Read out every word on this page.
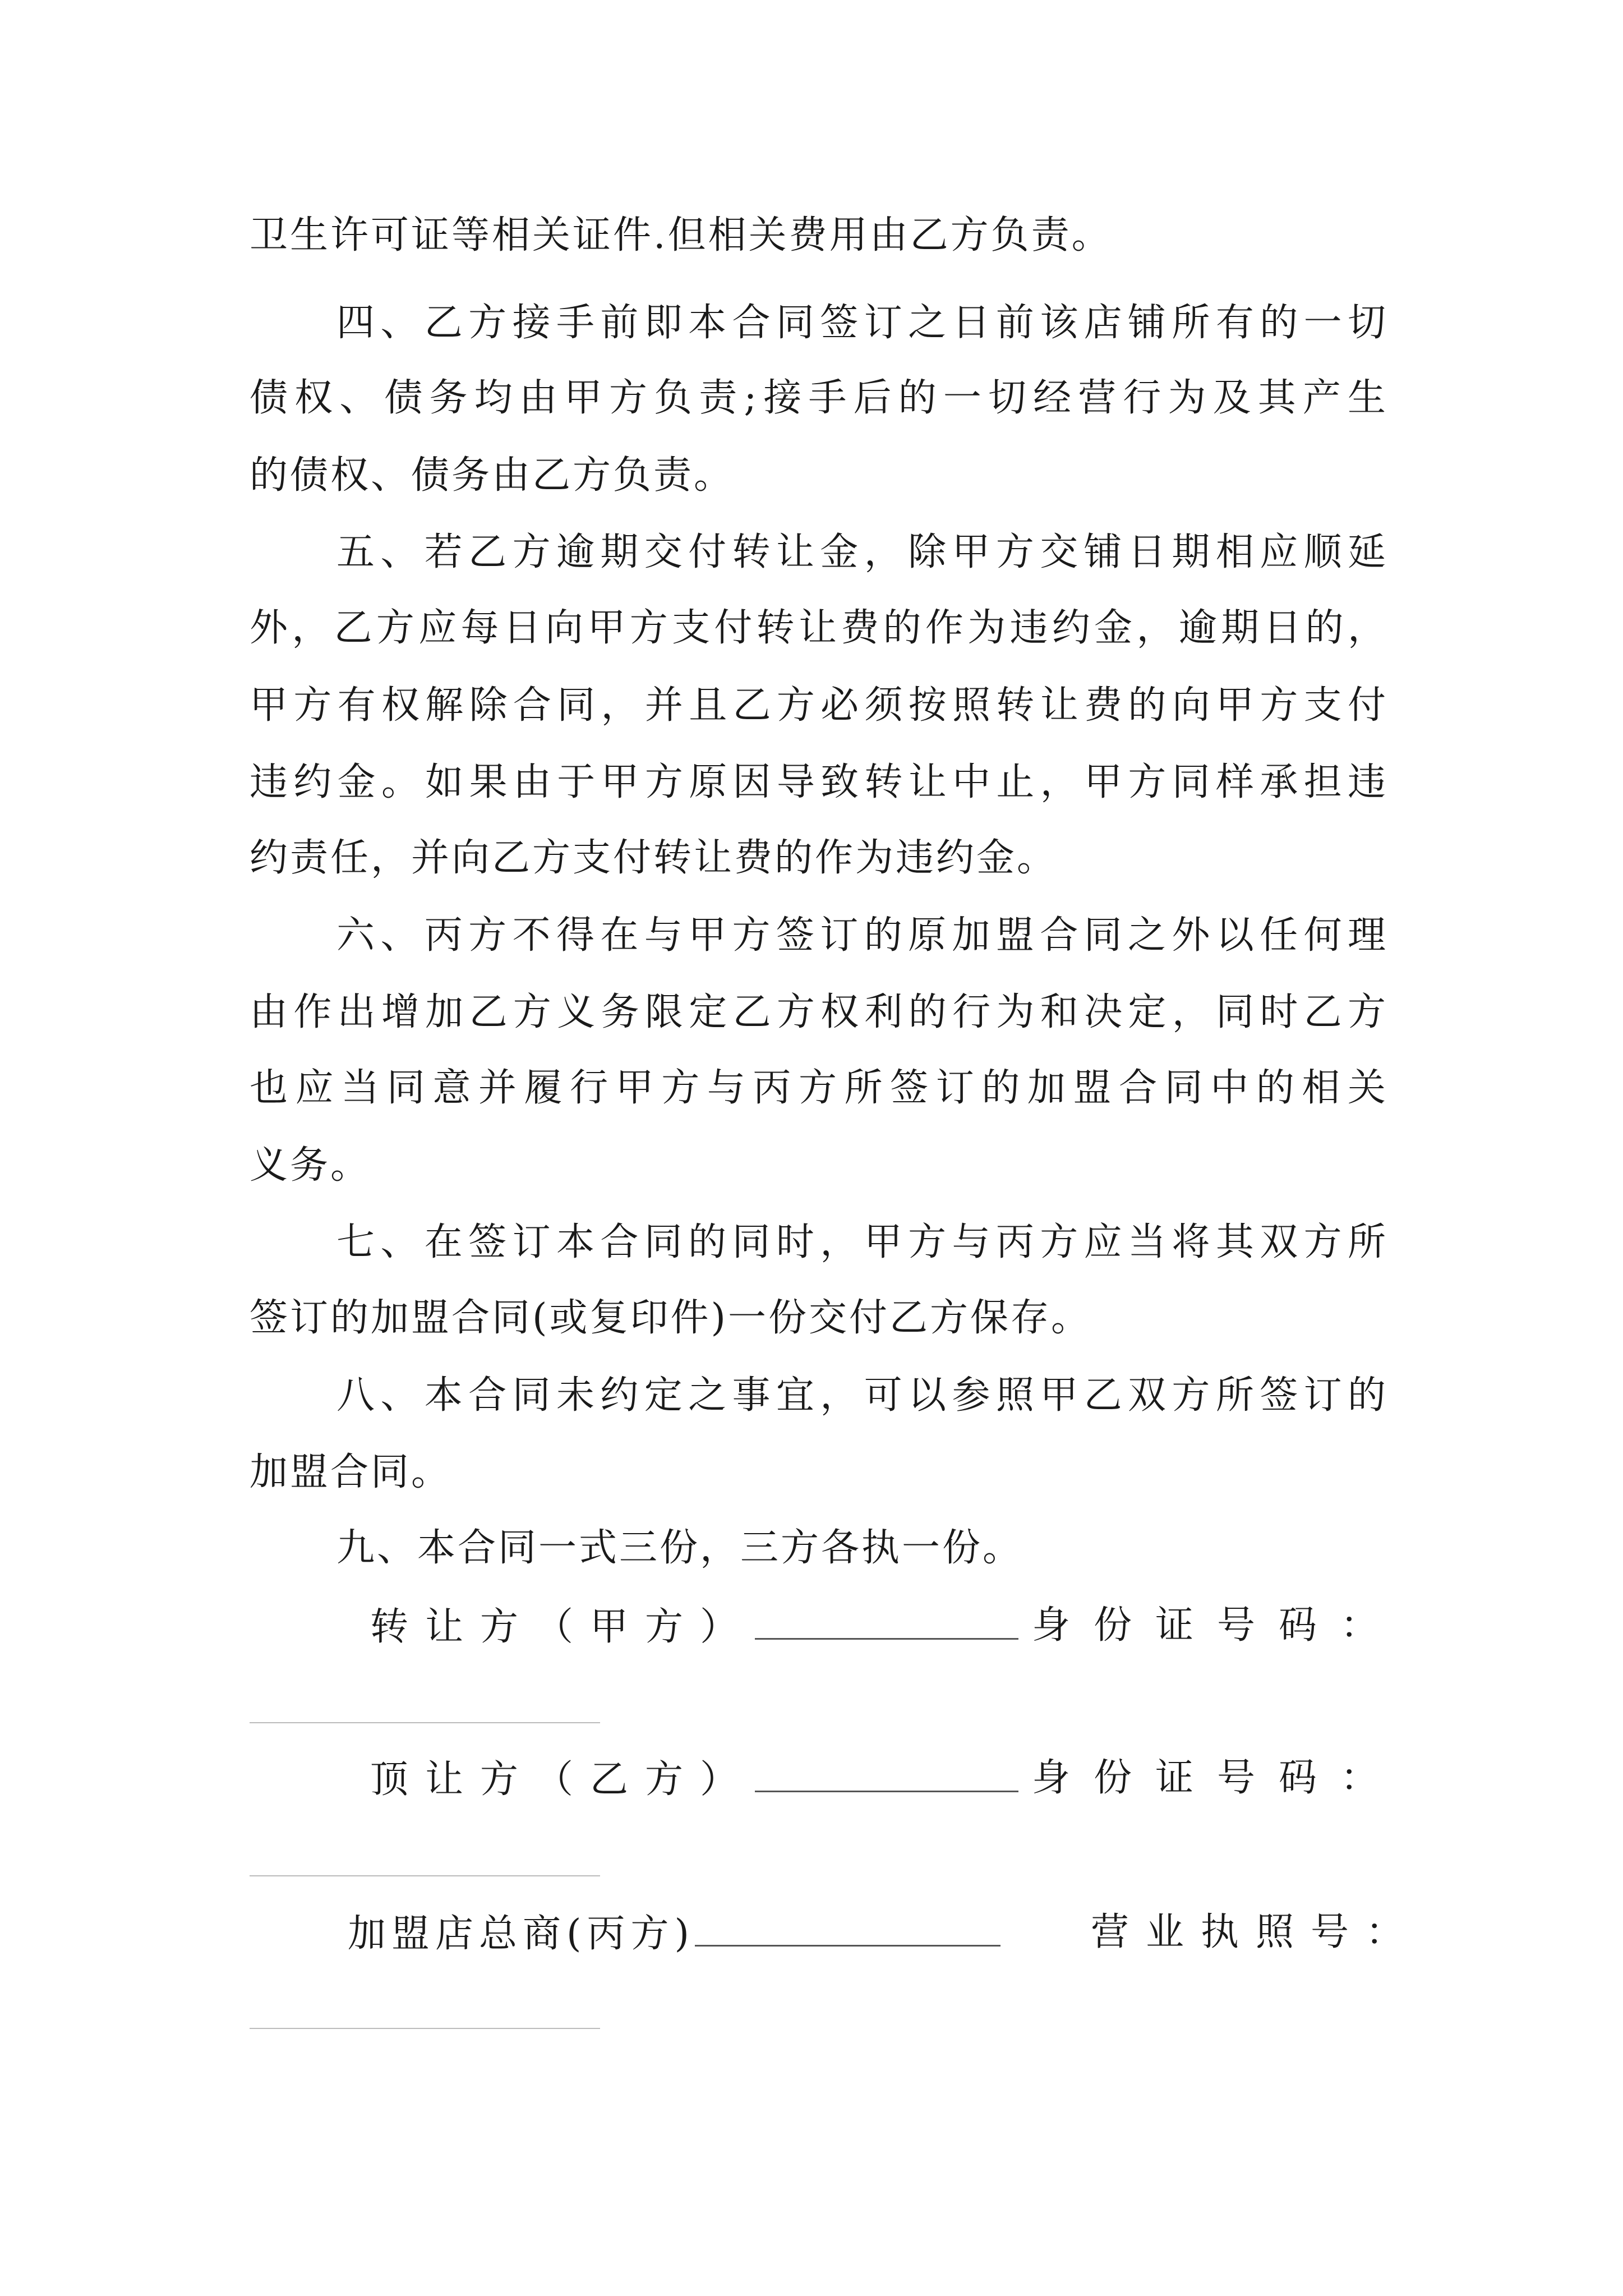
卫生许可证等相关证件.但相关费用由乙方负责。
四、乙方接手前即本合同签订之日前该店铺所有的一切
债权、债务均由甲方负责;接手后的一切经营行为及其产生
的债权、债务由乙方负责。
五、若乙方逾期交付转让金，除甲方交铺日期相应顺延
外，乙方应每日向甲方支付转让费的作为违约金，逾期日的，
甲方有权解除合同，并且乙方必须按照转让费的向甲方支付
违约金。如果由于甲方原因导致转让中止，甲方同样承担违
约责任，并向乙方支付转让费的作为违约金。
六、丙方不得在与甲方签订的原加盟合同之外以任何理
由作出增加乙方义务限定乙方权利的行为和决定，同时乙方
也应当同意并履行甲方与丙方所签订的加盟合同中的相关
义务。
七、在签订本合同的同时，甲方与丙方应当将其双方所
签订的加盟合同(或复印件)一份交付乙方保存。
八、本合同未约定之事宜，可以参照甲乙双方所签订的
加盟合同。
九、本合同一式三份，三方各执一份。
转让方（甲方）	身份证号码：
顶让方（乙方）	身份证号码：
加盟店总商(丙方)	营业执照号：
